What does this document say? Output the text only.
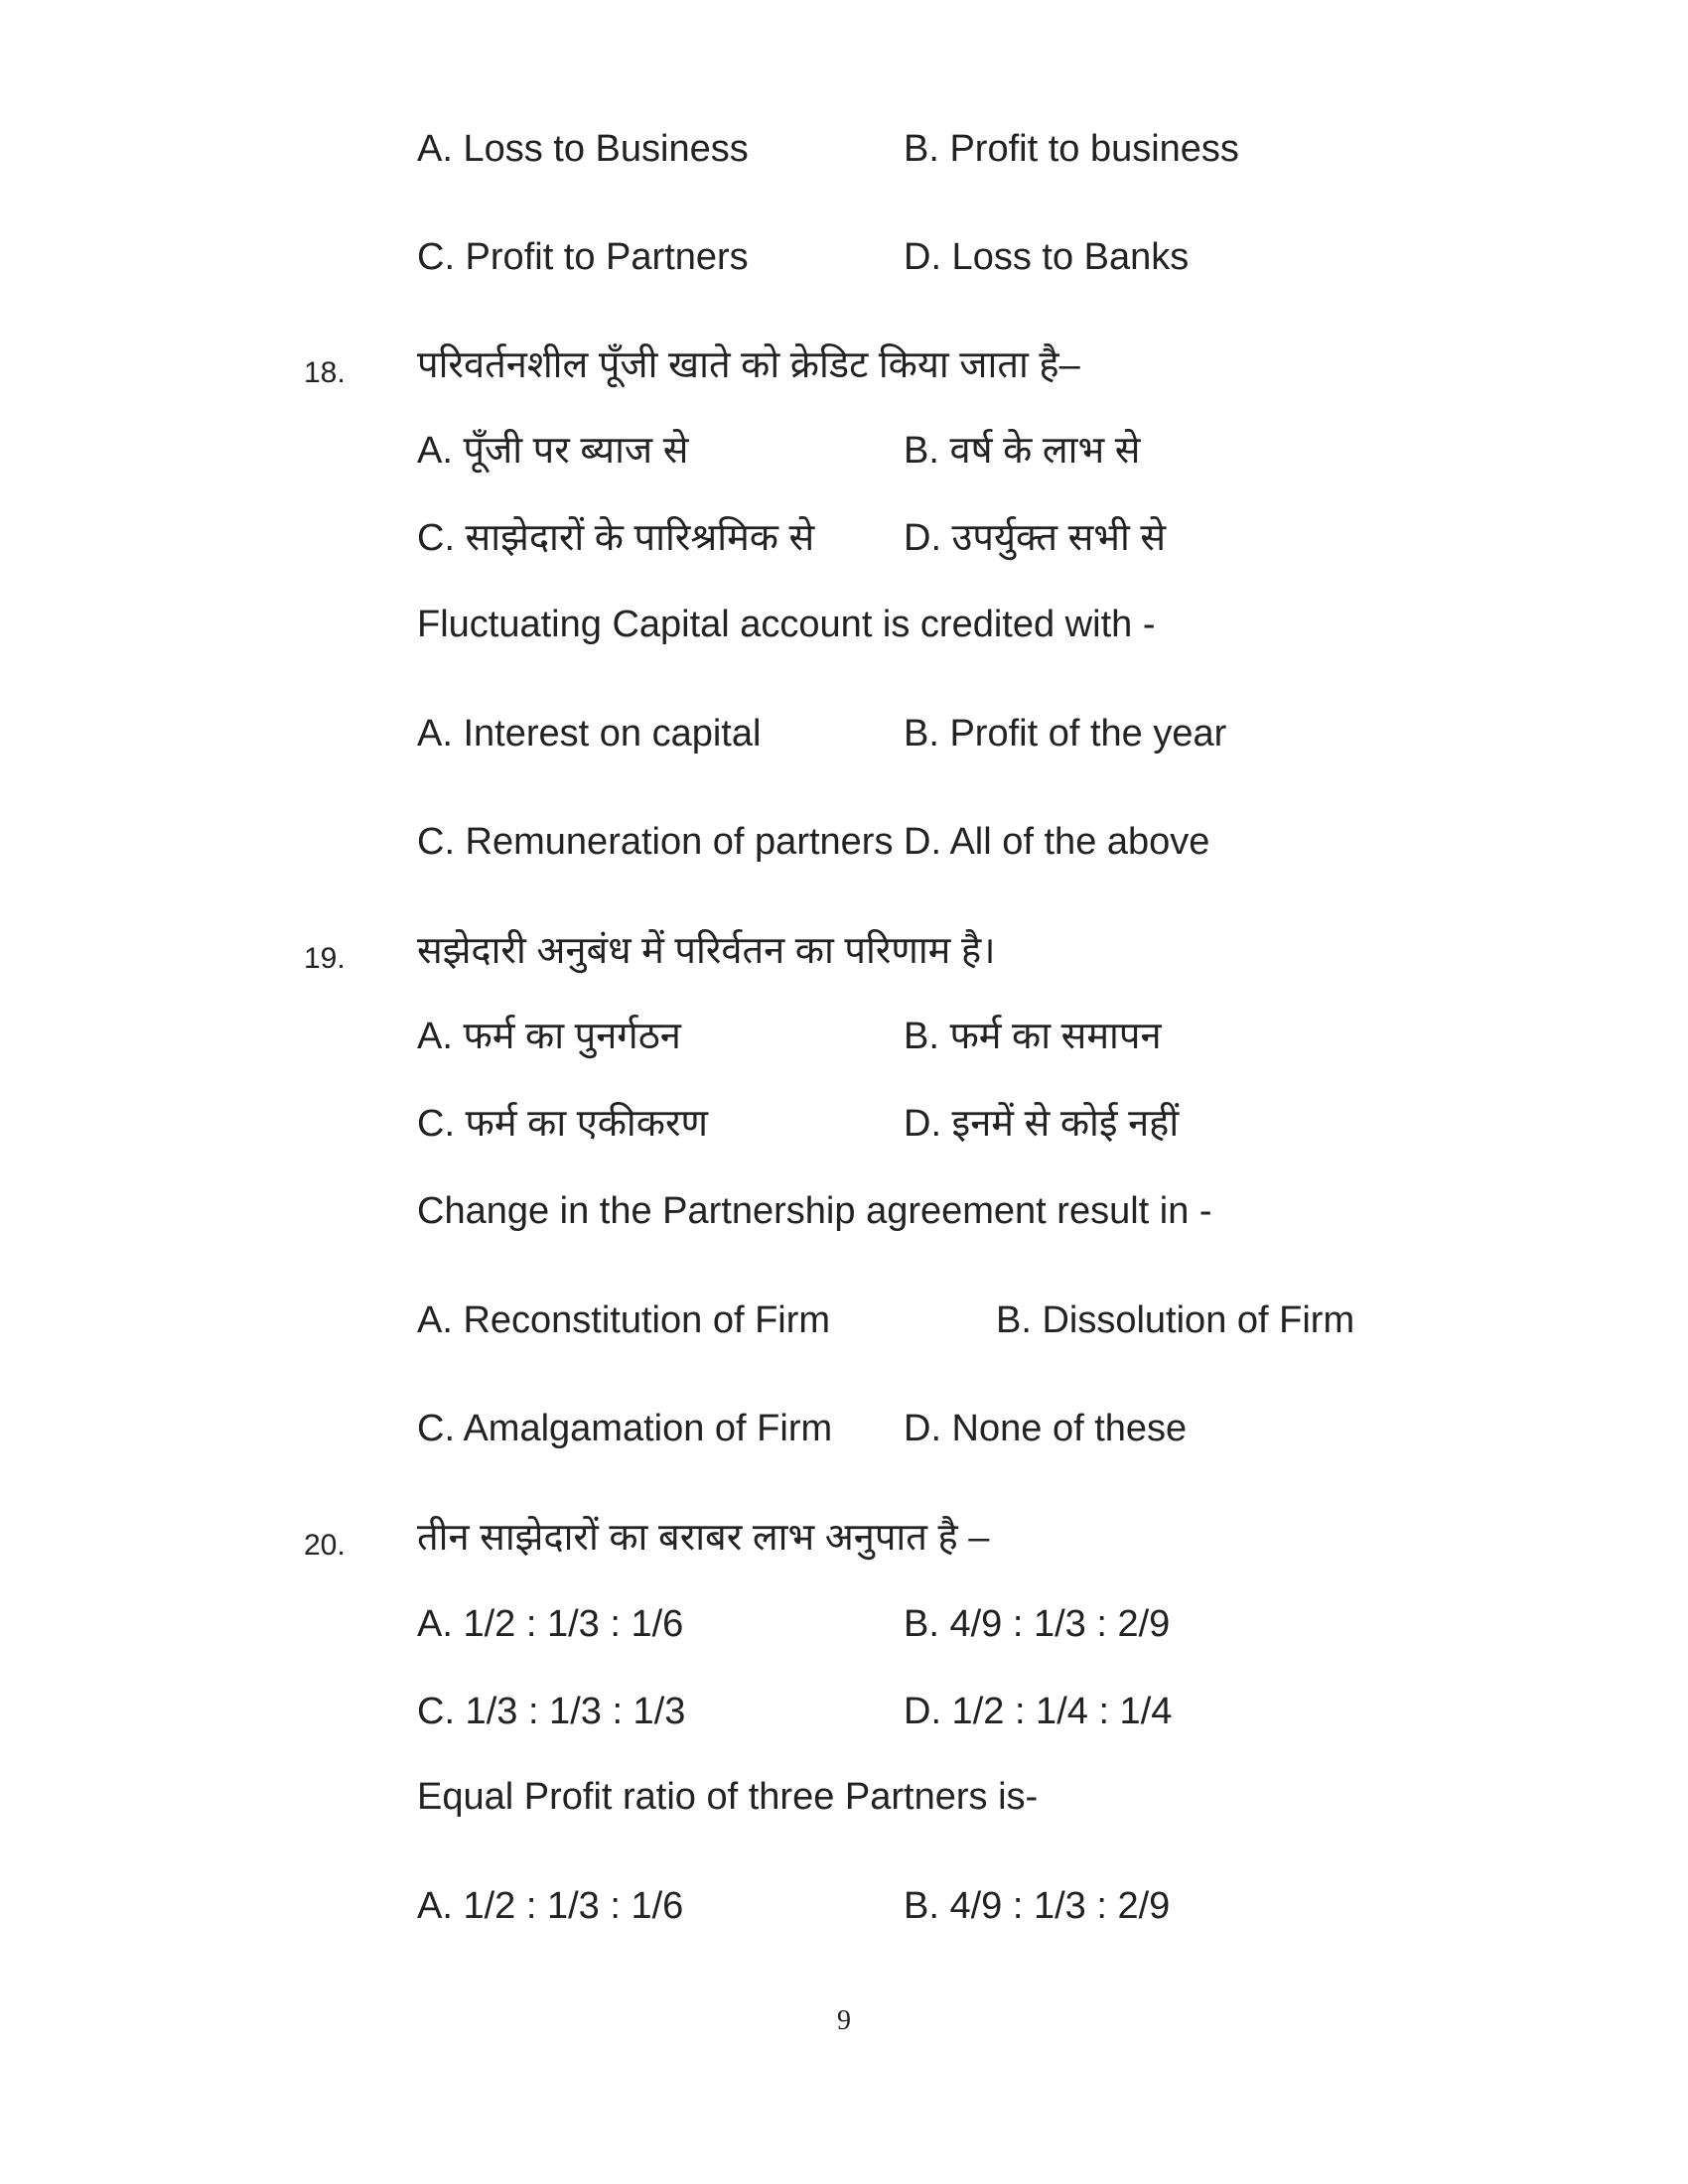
A. Loss to Business	B. Profit to business
C. Profit to Partners	D. Loss to Banks
18. परिवर्तनशील पूँजी खाते को क्रेडिट किया जाता है–
A. पूँजी पर ब्याज से	B. वर्ष के लाभ से
C. साझेदारों के पारिश्रमिक से D. उपर्युक्त सभी से
Fluctuating Capital account is credited with -
A. Interest on capital	B. Profit of the year
C. Remuneration of partners D. All of the above
19. सझेदारी अनुबंध में परिर्वतन का परिणाम है।
A. फर्म का पुनर्गठन	B. फर्म का समापन
C. फर्म का एकीकरण	D. इनमें से कोई नहीं
Change in the Partnership agreement result in -
A. Reconstitution of Firm	B. Dissolution of Firm
C. Amalgamation of Firm D. None of these
20. तीन साझेदारों का बराबर लाभ अनुपात है –
A. 1/2 : 1/3 : 1/6	B. 4/9 : 1/3 : 2/9
C. 1/3 : 1/3 : 1/3	D. 1/2 : 1/4 : 1/4
Equal Profit ratio of three Partners is-
A. 1/2 : 1/3 : 1/6	B. 4/9 : 1/3 : 2/9
9
